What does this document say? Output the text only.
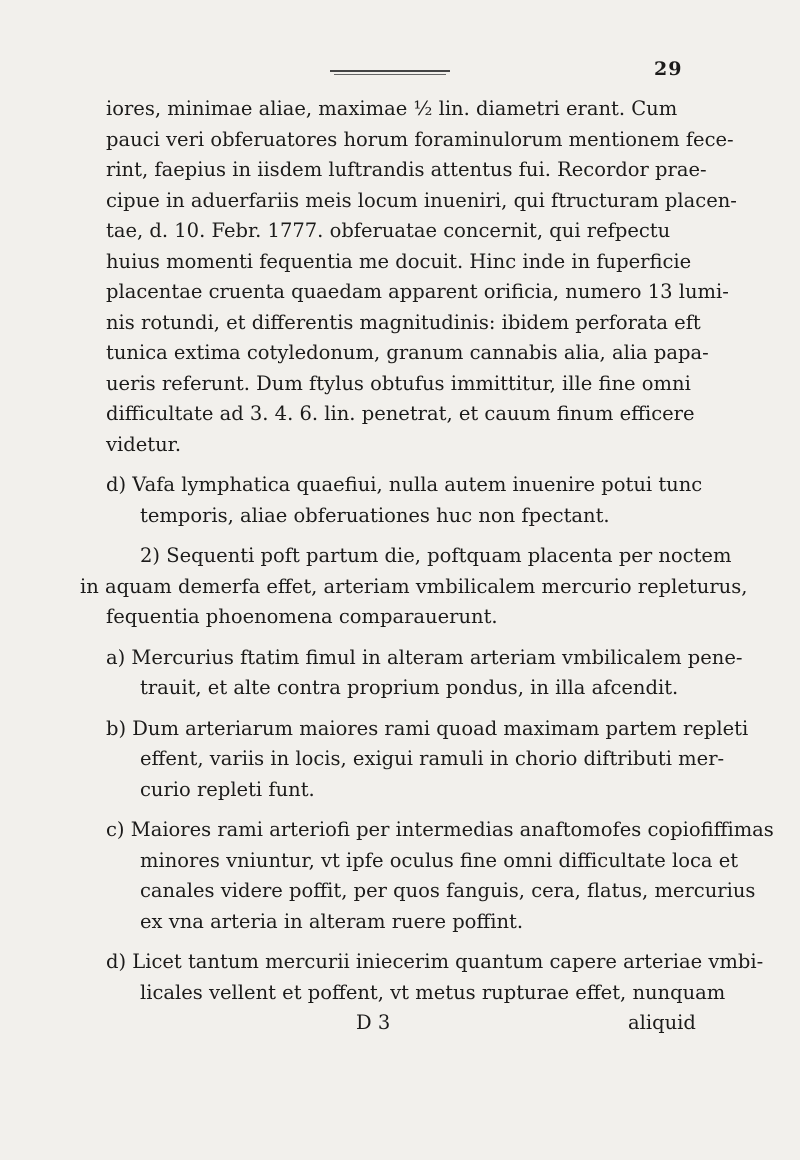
29
iores, minimae aliae, maximae ½ lin. diametri erant. Cum
pauci veri obferuatores horum foraminulorum mentionem fece-
rint, faepius in iisdem luftrandis attentus fui. Recordor prae-
cipue in aduerfariis meis locum inueniri, qui ftructuram placen-
tae, d. 10. Febr. 1777. obferuatae concernit, qui refpectu
huius momenti fequentia me docuit. Hinc inde in fuperficie
placentae cruenta quaedam apparent orificia, numero 13 lumi-
nis rotundi, et differentis magnitudinis: ibidem perforata eft
tunica extima cotyledonum, granum cannabis alia, alia papa-
ueris referunt. Dum ftylus obtufus immittitur, ille fine omni
difficultate ad 3. 4. 6. lin. penetrat, et cauum finum efficere
videtur.
d) Vafa lymphatica quaefiui, nulla autem inuenire potui tunc
temporis, aliae obferuationes huc non fpectant.
2) Sequenti poft partum die, poftquam placenta per noctem
in aquam demerfa effet, arteriam vmbilicalem mercurio repleturus,
fequentia phoenomena comparauerunt.
a) Mercurius ftatim fimul in alteram arteriam vmbilicalem pene-
trauit, et alte contra proprium pondus, in illa afcendit.
b) Dum arteriarum maiores rami quoad maximam partem repleti
effent, variis in locis, exigui ramuli in chorio diftributi mer-
curio repleti funt.
c) Maiores rami arteriofi per intermedias anaftomofes copiofiffimas
minores vniuntur, vt ipfe oculus fine omni difficultate loca et
canales videre poffit, per quos fanguis, cera, flatus, mercurius
ex vna arteria in alteram ruere poffint.
d) Licet tantum mercurii iniecerim quantum capere arteriae vmbi-
licales vellent et poffent, vt metus rupturae effet, nunquam
D 3	aliquid
